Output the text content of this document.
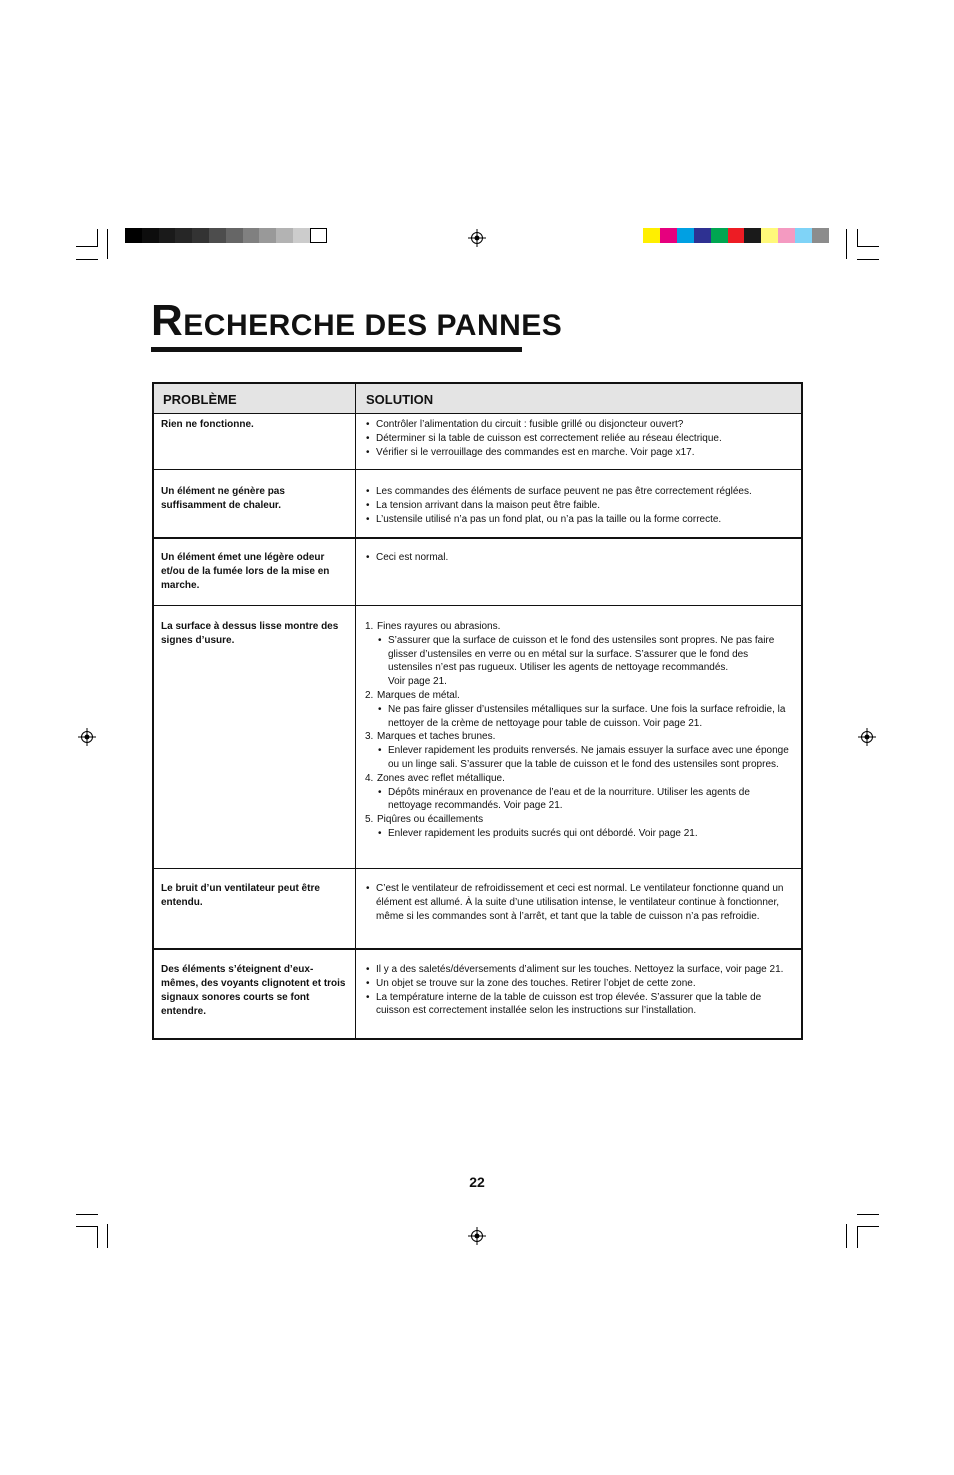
RECHERCHE DES PANNES
PROBLÈME	SOLUTION
Rien ne fonctionne.
•	Contrôler l’alimentation du circuit : fusible grillé ou disjoncteur ouvert?
• Déterminer si la table de cuisson est correctement reliée au réseau électrique.
• Vérifier si le verrouillage des commandes est en marche. Voir page x17.
Un élément ne génère pas suffisamment de chaleur.
• Les commandes des éléments de surface peuvent ne pas être correctement réglées.
• La tension arrivant dans la maison peut être faible.
• L’ustensile utilisé n’a pas un fond plat, ou n’a pas la taille ou la forme correcte.
Un élément émet une légère odeur et/ou de la fumée lors de la mise en marche.
• Ceci est normal.
La surface à dessus lisse montre des signes d’usure.
1. Fines rayures ou abrasions.
• S’assurer que la surface de cuisson et le fond des ustensiles sont propres. Ne pas faire glisser d’ustensiles en verre ou en métal sur la surface. S’assurer que le fond des ustensiles n’est pas rugueux. Utiliser les agents de nettoyage recommandés.
Voir page 21.
2. Marques de métal.
• Ne pas faire glisser d’ustensiles métalliques sur la surface. Une fois la surface refroidie, la nettoyer de la crème de nettoyage pour table de cuisson. Voir page 21.
3. Marques et taches brunes.
• Enlever rapidement les produits renversés. Ne jamais essuyer la surface avec une éponge ou un linge sali. S’assurer que la table de cuisson et le fond des ustensiles sont propres.
4. Zones avec reflet métallique.
• Dépôts minéraux en provenance de l’eau et de la nourriture. Utiliser les agents de nettoyage recommandés. Voir page 21.
5. Piqûres ou écaillements
• Enlever rapidement les produits sucrés qui ont débordé. Voir page 21.
Le bruit d’un ventilateur peut être entendu.
• C’est le ventilateur de refroidissement et ceci est normal. Le ventilateur fonctionne quand un élément est allumé. À la suite d’une utilisation intense, le ventilateur continue à fonctionner, même si les commandes sont à l’arrêt, et tant que la table de cuisson n’a pas refroidie.
Des éléments s’éteignent d’eux-mêmes, des voyants clignotent et trois signaux sonores courts se font entendre.
• Il y a des saletés/déversements d’aliment sur les touches. Nettoyez la surface, voir page 21.
• Un objet se trouve sur la zone des touches. Retirer l’objet de cette zone.
• La température interne de la table de cuisson est trop élevée. S’assurer que la table de cuisson est correctement installée selon les instructions sur l’installation.
22
